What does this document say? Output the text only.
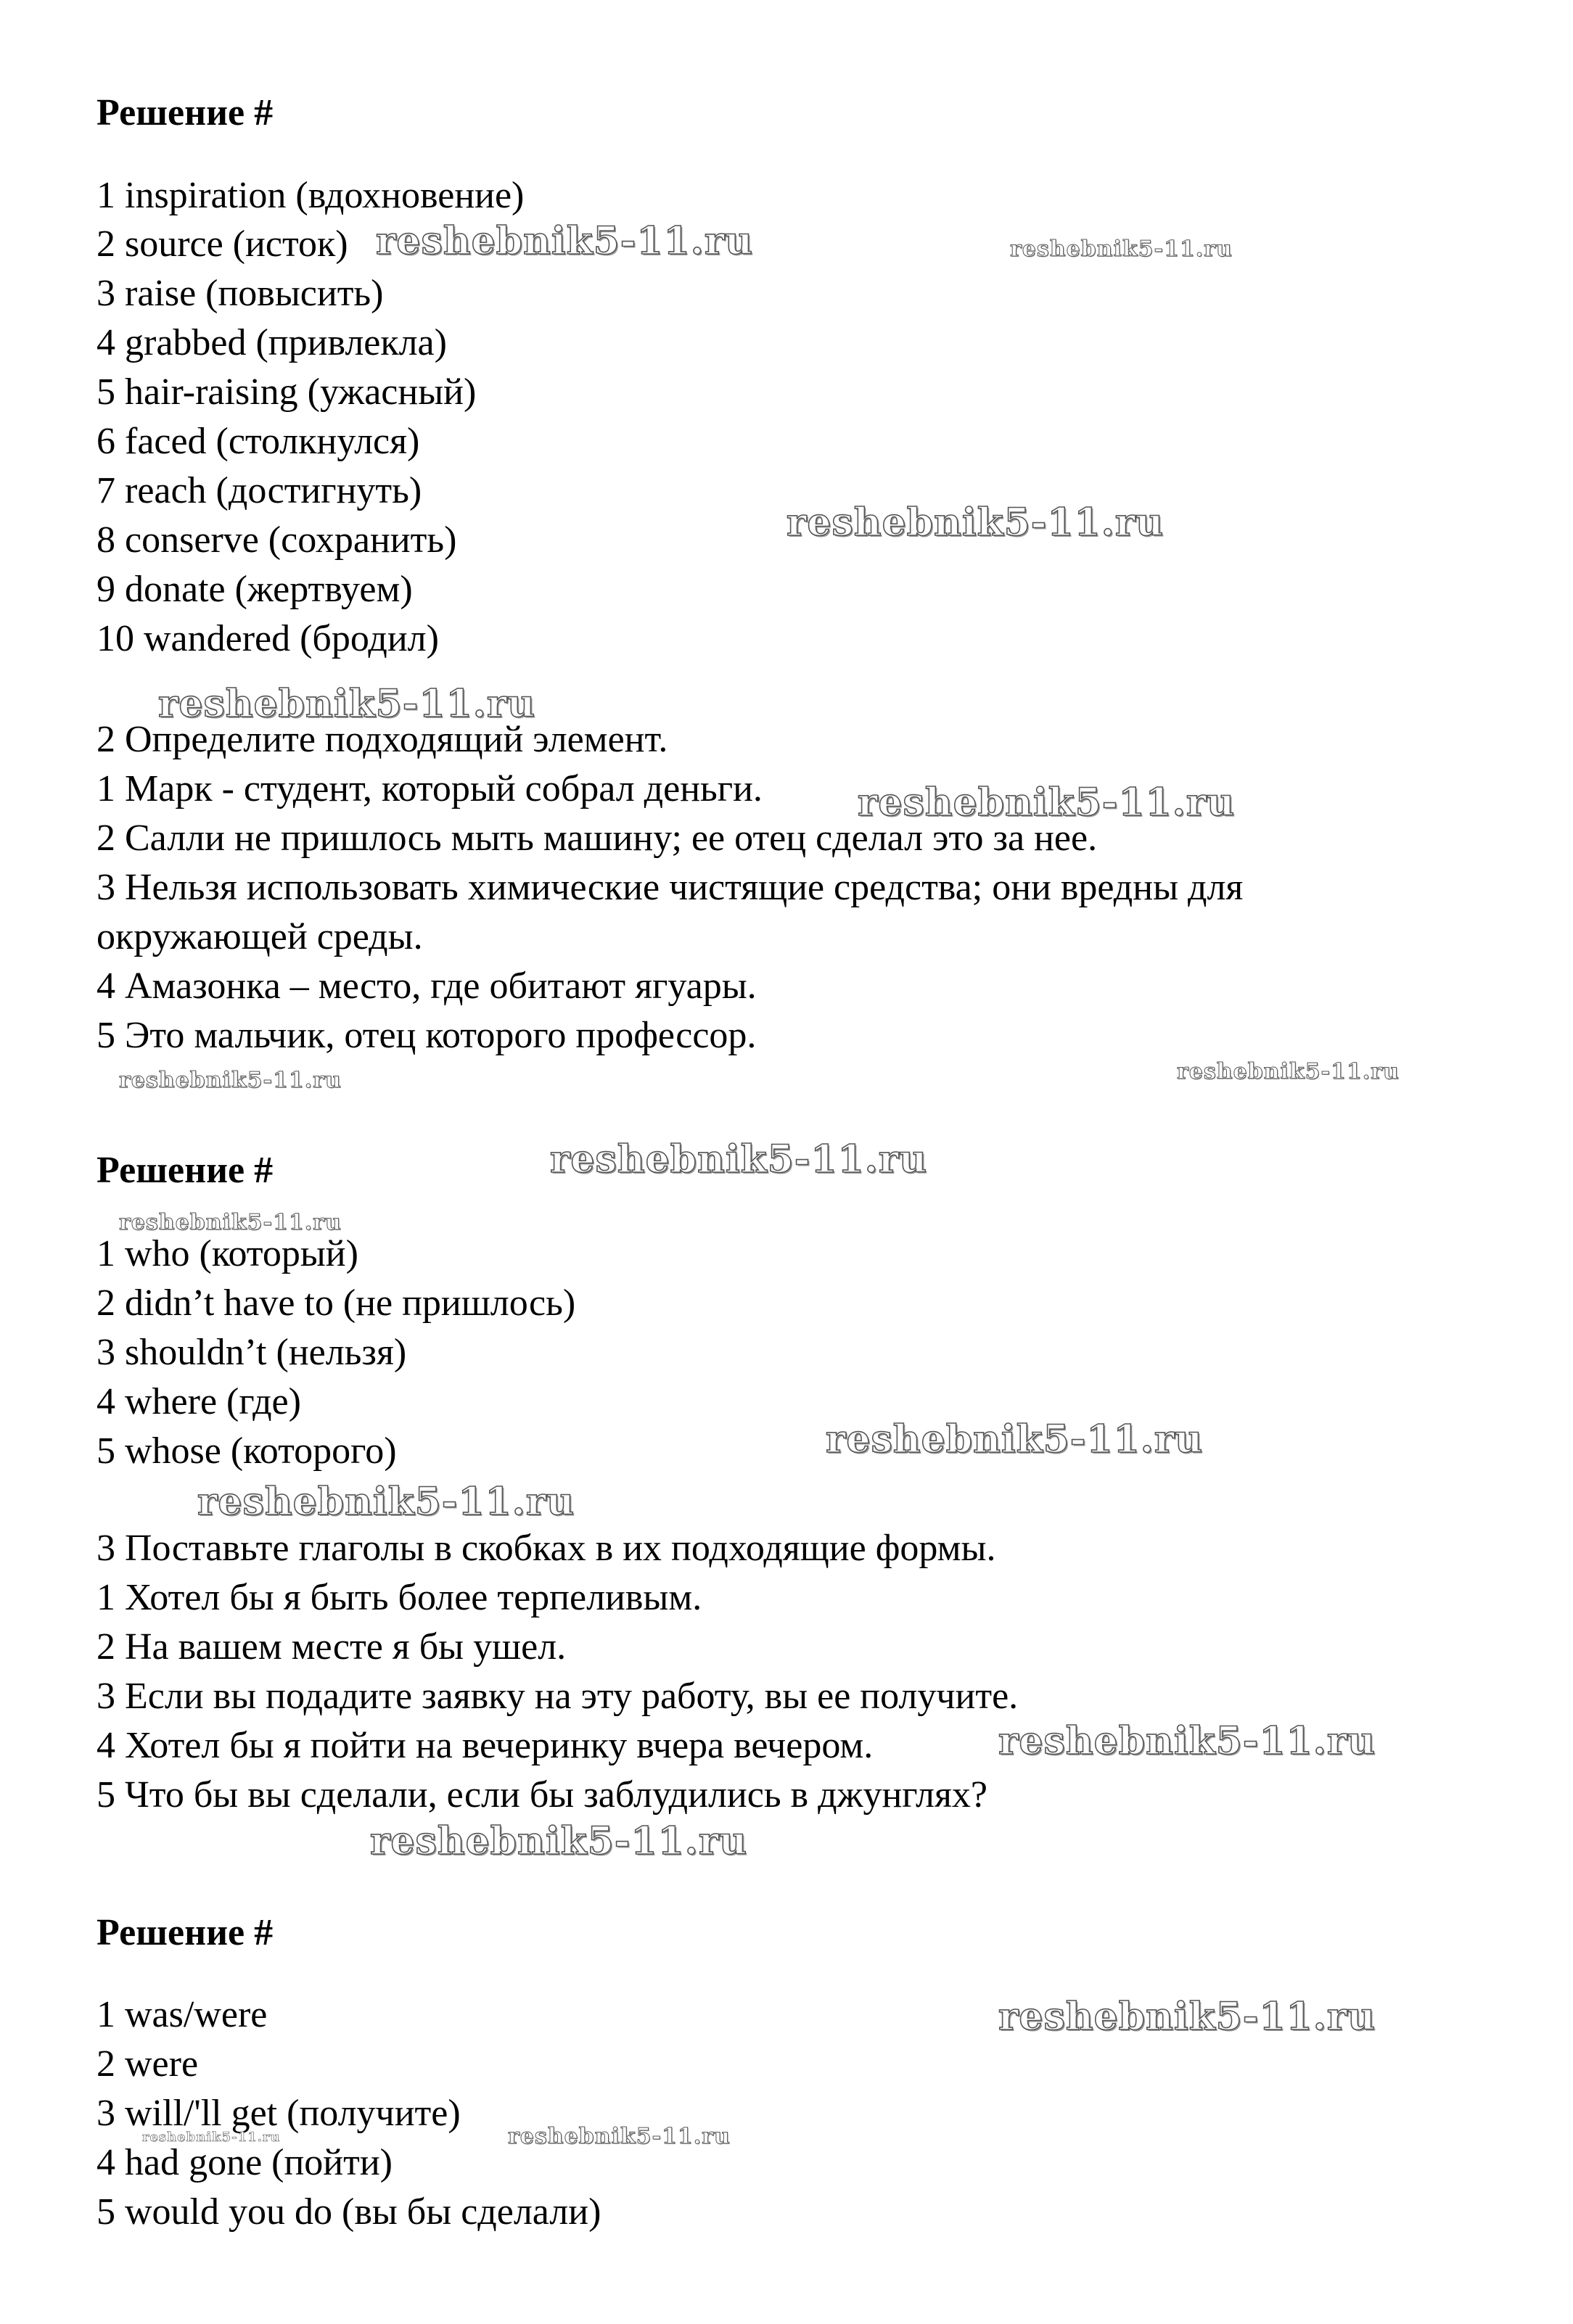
Решение #
1 inspiration (вдохновение)
2 source (исток)
3 raise (повысить)
4 grabbed (привлекла)
5 hair-raising (ужасный)
6 faced (столкнулся)
7 reach (достигнуть)
8 conserve (сохранить)
9 donate (жертвуем)
10 wandered (бродил)
2 Определите подходящий элемент.
1 Марк - студент, который собрал деньги.
2 Салли не пришлось мыть машину; ее отец сделал это за нее.
3 Нельзя использовать химические чистящие средства; они вредны для
окружающей среды.
4 Амазонка – место, где обитают ягуары.
5 Это мальчик, отец которого профессор.
Решение #
1 who (который)
2 didn’t have to (не пришлось)
3 shouldn’t (нельзя)
4 where (где)
5 whose (которого)
3 Поставьте глаголы в скобках в их подходящие формы.
1 Хотел бы я быть более терпеливым.
2 На вашем месте я бы ушел.
3 Если вы подадите заявку на эту работу, вы ее получите.
4 Хотел бы я пойти на вечеринку вчера вечером.
5 Что бы вы сделали, если бы заблудились в джунглях?
Решение #
1 was/were
2 were
3 will/'ll get (получите)
4 had gone (пойти)
5 would you do (вы бы сделали)
reshebnik5-11.ru	reshebnik5-11.ru
reshebnik5-11.ru
reshebnik5-11.ru
reshebnik5-11.ru
reshebnik5-11.ru	reshebnik5-11.ru
reshebnik5-11.ru
reshebnik5-11.ru
reshebnik5-11.ru
reshebnik5-11.ru
reshebnik5-11.ru
reshebnik5-11.ru
reshebnik5-11.ru
reshebnik5-11.ru
reshebnik5-11.ru
